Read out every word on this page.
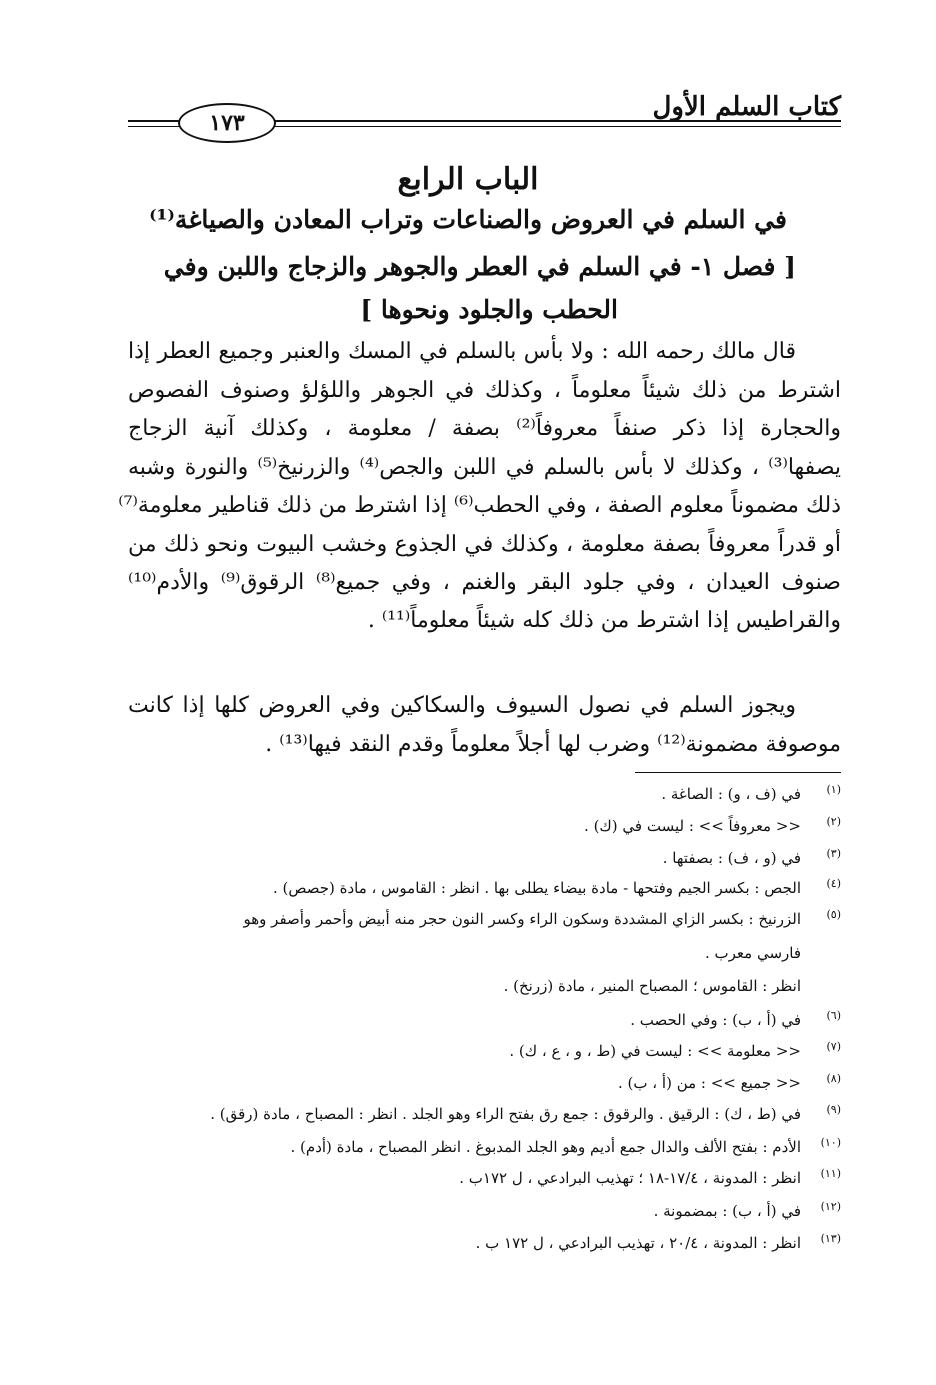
كتاب السلم الأول
١٧٣
الباب الرابع
في السلم في العروض والصناعات وتراب المعادن والصياغة⁽¹⁾
[ فصل ١- في السلم في العطر والجوهر والزجاج واللبن وفي
الحطب والجلود ونحوها ]
قال مالك رحمه الله : ولا بأس بالسلم في المسك والعنبر وجميع العطر إذا
اشترط من ذلك شيئاً معلوماً ، وكذلك في الجوهر واللؤلؤ وصنوف الفصوص
والحجارة إذا ذكر صنفاً معروفاً⁽²⁾ بصفة / معلومة ، وكذلك آنية الزجاج
يصفها⁽³⁾ ، وكذلك لا بأس بالسلم في اللبن والجص⁽⁴⁾ والزرنيخ⁽⁵⁾ والنورة وشبه
ذلك مضموناً معلوم الصفة ، وفي الحطب⁽⁶⁾ إذا اشترط من ذلك قناطير معلومة⁽⁷⁾
أو قدراً معروفاً بصفة معلومة ، وكذلك في الجذوع وخشب البيوت ونحو ذلك من
صنوف العيدان ، وفي جلود البقر والغنم ، وفي جميع⁽⁸⁾ الرقوق⁽⁹⁾ والأدم⁽¹⁰⁾
والقراطيس إذا اشترط من ذلك كله شيئاً معلوماً⁽¹¹⁾ .
ويجوز السلم في نصول السيوف والسكاكين وفي العروض كلها إذا كانت
موصوفة مضمونة⁽¹²⁾ وضرب لها أجلاً معلوماً وقدم النقد فيها⁽¹³⁾ .
(١)في (ف ، و) : الصاغة .
(٢)<< معروفاً >> : ليست في (ك) .
(٣)في (و ، ف) : بصفتها .
(٤)الجص : بكسر الجيم وفتحها - مادة بيضاء يطلى بها . انظر : القاموس ، مادة (جصص) .
(٥)الزرنيخ : بكسر الزاي المشددة وسكون الراء وكسر النون حجر منه أبيض وأحمر وأصفر وهو
فارسي معرب .
انظر : القاموس ؛ المصباح المنير ، مادة (زرنخ) .
(٦)في (أ ، ب) : وفي الحصب .
(٧)<< معلومة >> : ليست في (ط ، و ، ع ، ك) .
(٨)<< جميع >> : من (أ ، ب) .
(٩)في (ط ، ك) : الرقيق . والرقوق : جمع رق بفتح الراء وهو الجلد . انظر : المصباح ، مادة (رقق) .
(١٠)الأدم : بفتح الألف والدال جمع أديم وهو الجلد المدبوغ . انظر المصباح ، مادة (أدم) .
(١١)انظر : المدونة ، ١٧/٤-١٨ ؛ تهذيب البرادعي ، ل ١٧٢ب .
(١٢)في (أ ، ب) : بمضمونة .
(١٣)انظر : المدونة ، ٢٠/٤ ، تهذيب البرادعي ، ل ١٧٢ ب .
